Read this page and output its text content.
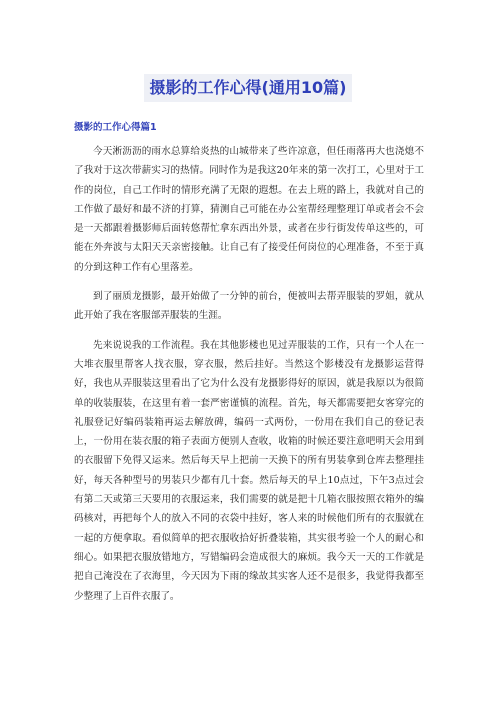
摄影的工作心得(通用10篇)
摄影的工作心得篇1

今天淅沥沥的雨水总算给炎热的山城带来了些许凉意，但任雨落再大也浇熄不了我对于这次带薪实习的热情。同时作为是我这20年来的第一次打工，心里对于工作的岗位，自己工作时的情形充满了无限的遐想。在去上班的路上，我就对自己的工作做了最好和最不济的打算，猜测自己可能在办公室帮经理整理订单或者会不会是一天都跟着摄影师后面转悠帮忙拿东西出外景，或者在步行街发传单这些的，可能在外奔波与太阳天天亲密接触。让自己有了接受任何岗位的心理准备，不至于真的分到这种工作有心里落差。

到了丽质龙摄影，最开始做了一分钟的前台，便被叫去帮弄服装的罗姐，就从此开始了我在客服部弄服装的生涯。

先来说说我的工作流程。我在其他影楼也见过弄服装的工作，只有一个人在一大堆衣服里帮客人找衣服，穿衣服，然后挂好。当然这个影楼没有龙摄影运营得好，我也从弄服装这里看出了它为什么没有龙摄影得好的原因，就是我原以为很简单的收装服装，在这里有着一套严密谨慎的流程。首先，每天都需要把女客穿完的礼服登记好编码装箱再运去解放碑，编码一式两份，一份用在我们自己的登记表上，一份用在装衣服的箱子表面方便别人查收，收箱的时候还要注意吧明天会用到的衣服留下免得又运来。然后每天早上把前一天换下的所有男装拿到仓库去整理挂好，每天各种型号的男装只少都有几十套。然后每天的早上10点过，下午3点过会有第二天或第三天要用的衣服运来，我们需要的就是把十几箱衣服按照衣箱外的编码核对，再把每个人的放入不同的衣袋中挂好，客人来的时候他们所有的衣服就在一起的方便拿取。看似简单的把衣服收拾好折叠装箱，其实很考验一个人的耐心和细心。如果把衣服放错地方，写错编码会造成很大的麻烦。我今天一天的工作就是把自己淹没在了衣海里，今天因为下雨的缘故其实客人还不是很多，我觉得我都至少整理了上百件衣服了。
